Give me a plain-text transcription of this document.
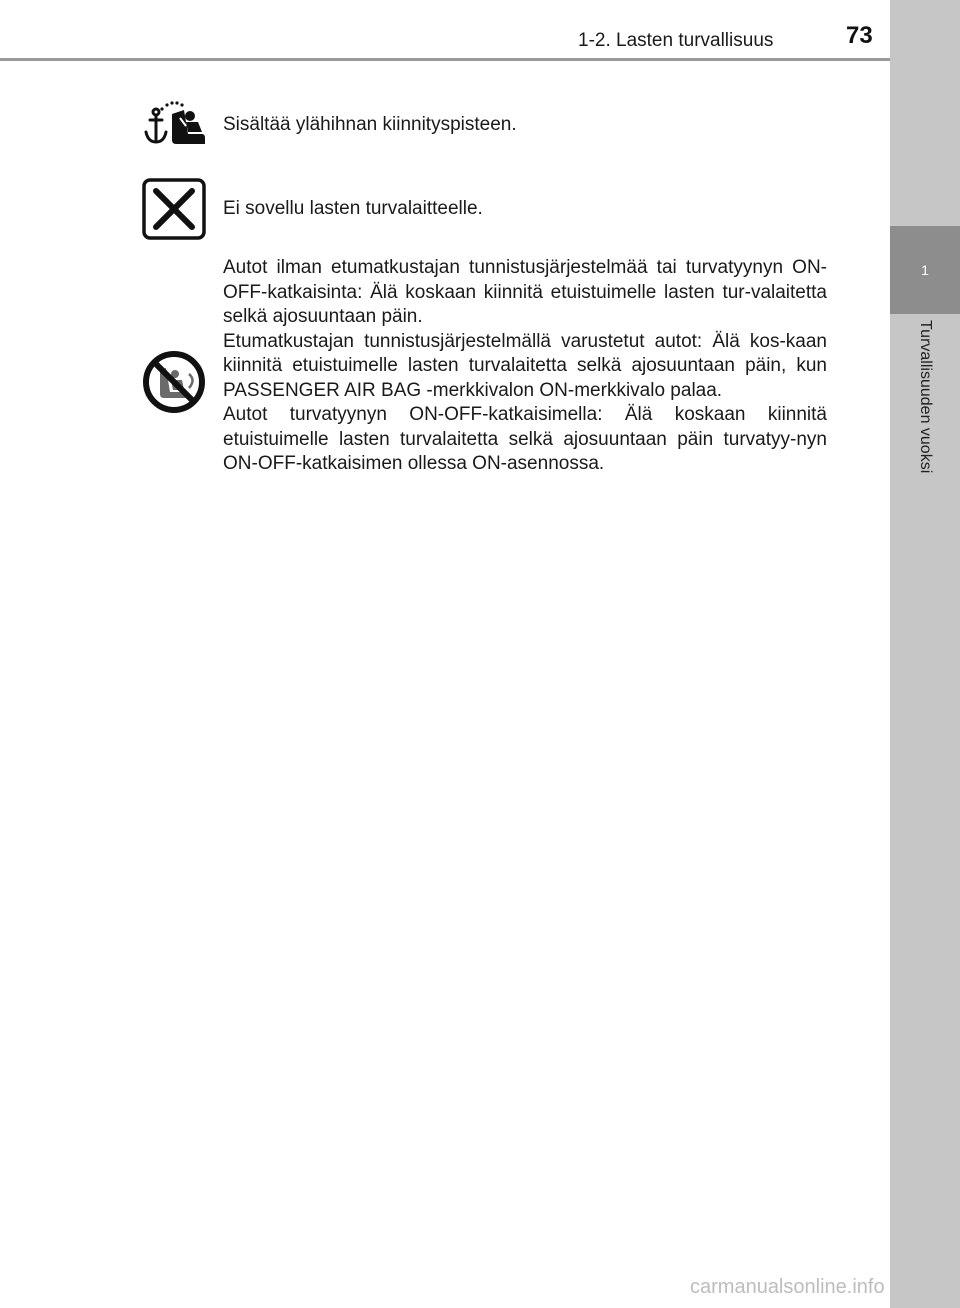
1-2. Lasten turvallisuus	73
1
Turvallisuuden vuoksi
Sisältää ylähihnan kiinnityspisteen.
Ei sovellu lasten turvalaitteelle.

Autot ilman etumatkustajan tunnistusjärjestelmää tai turvatyynyn ON-OFF-katkaisinta: Älä koskaan kiinnitä etuistuimelle lasten tur-valaitetta selkä ajosuuntaan päin.

Etumatkustajan tunnistusjärjestelmällä varustetut autot: Älä kos-kaan kiinnitä etuistuimelle lasten turvalaitetta selkä ajosuuntaan päin, kun PASSENGER AIR BAG -merkkivalon ON-merkkivalo palaa.

Autot turvatyynyn ON-OFF-katkaisimella: Älä koskaan kiinnitä etuistuimelle lasten turvalaitetta selkä ajosuuntaan päin turvatyy-nyn ON-OFF-katkaisimen ollessa ON-asennossa.

carmanualsonline.info
